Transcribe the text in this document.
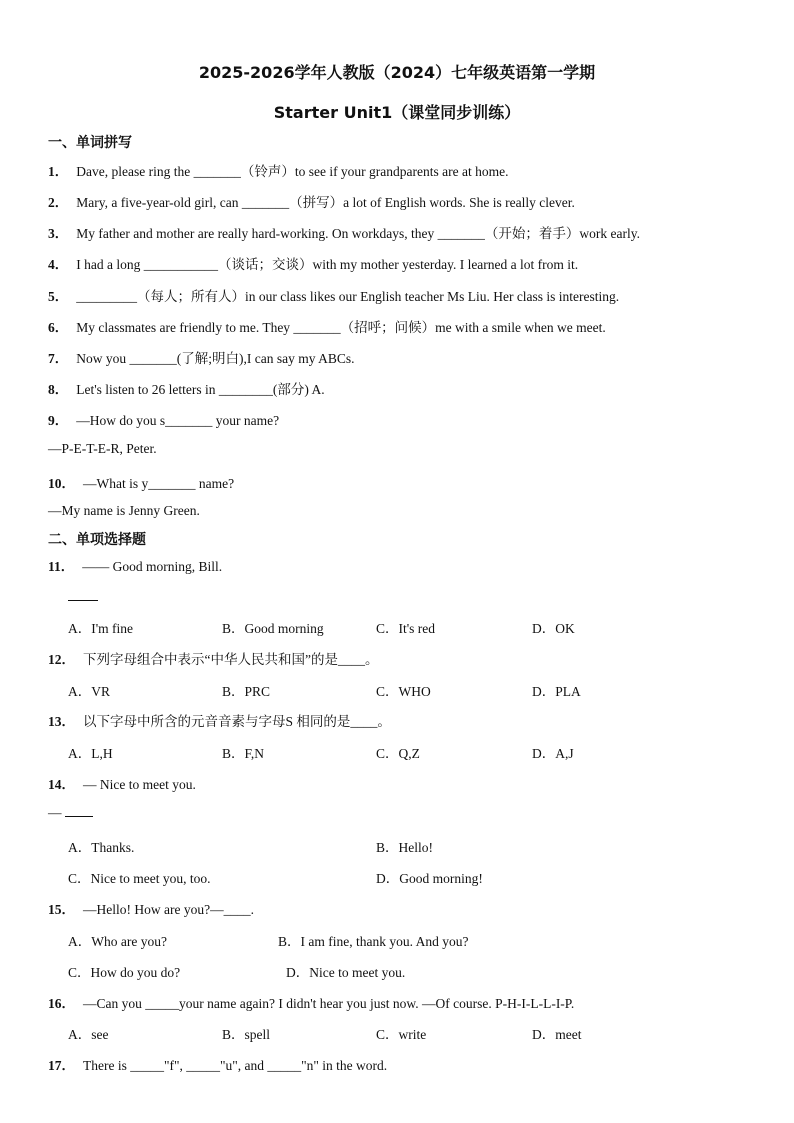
2025-2026学年人教版（2024）七年级英语第一学期
Starter Unit1（课堂同步训练）
一、单词拼写
1． Dave, please ring the _______（铃声）to see if your grandparents are at home.
2． Mary, a five-year-old girl, can _______（拼写）a lot of English words. She is really clever.
3． My father and mother are really hard-working. On workdays, they _______（开始；着手）work early.
4． I had a long ___________（谈话；交谈）with my mother yesterday. I learned a lot from it.
5． _________（每人；所有人）in our class likes our English teacher Ms Liu. Her class is interesting.
6． My classmates are friendly to me. They _______（招呼；问候）me with a smile when we meet.
7． Now you _______(了解;明白),I can say my ABCs.
8． Let's listen to 26 letters in ________(部分) A.
9． —How do you s_______ your name?
—P-E-T-E-R, Peter.
10． —What is y_______ name?
—My name is Jenny Green.
二、单项选择题
11． —— Good morning, Bill.
A．I'm fine	B．Good morning	C．It's red	D．OK
12． 下列字母组合中表示“中华人民共和国”的是____。
A．VR	B．PRC	C．WHO	D．PLA
13． 以下字母中所含的元音音素与字母S 相同的是____。
A．L,H	B．F,N	C．Q,Z	D．A,J
14． — Nice to meet you.
—
A．Thanks.	B．Hello!
C．Nice to meet you, too.	D．Good morning!
15． —Hello! How are you?—____.
A．Who are you?	B．I am fine, thank you. And you?
C．How do you do?	D．Nice to meet you.
16． —Can you _____your name again? I didn't hear you just now. —Of course. P-H-I-L-L-I-P.
A．see	B．spell	C．write	D．meet
17． There is _____"f", _____"u", and _____"n" in the word.
